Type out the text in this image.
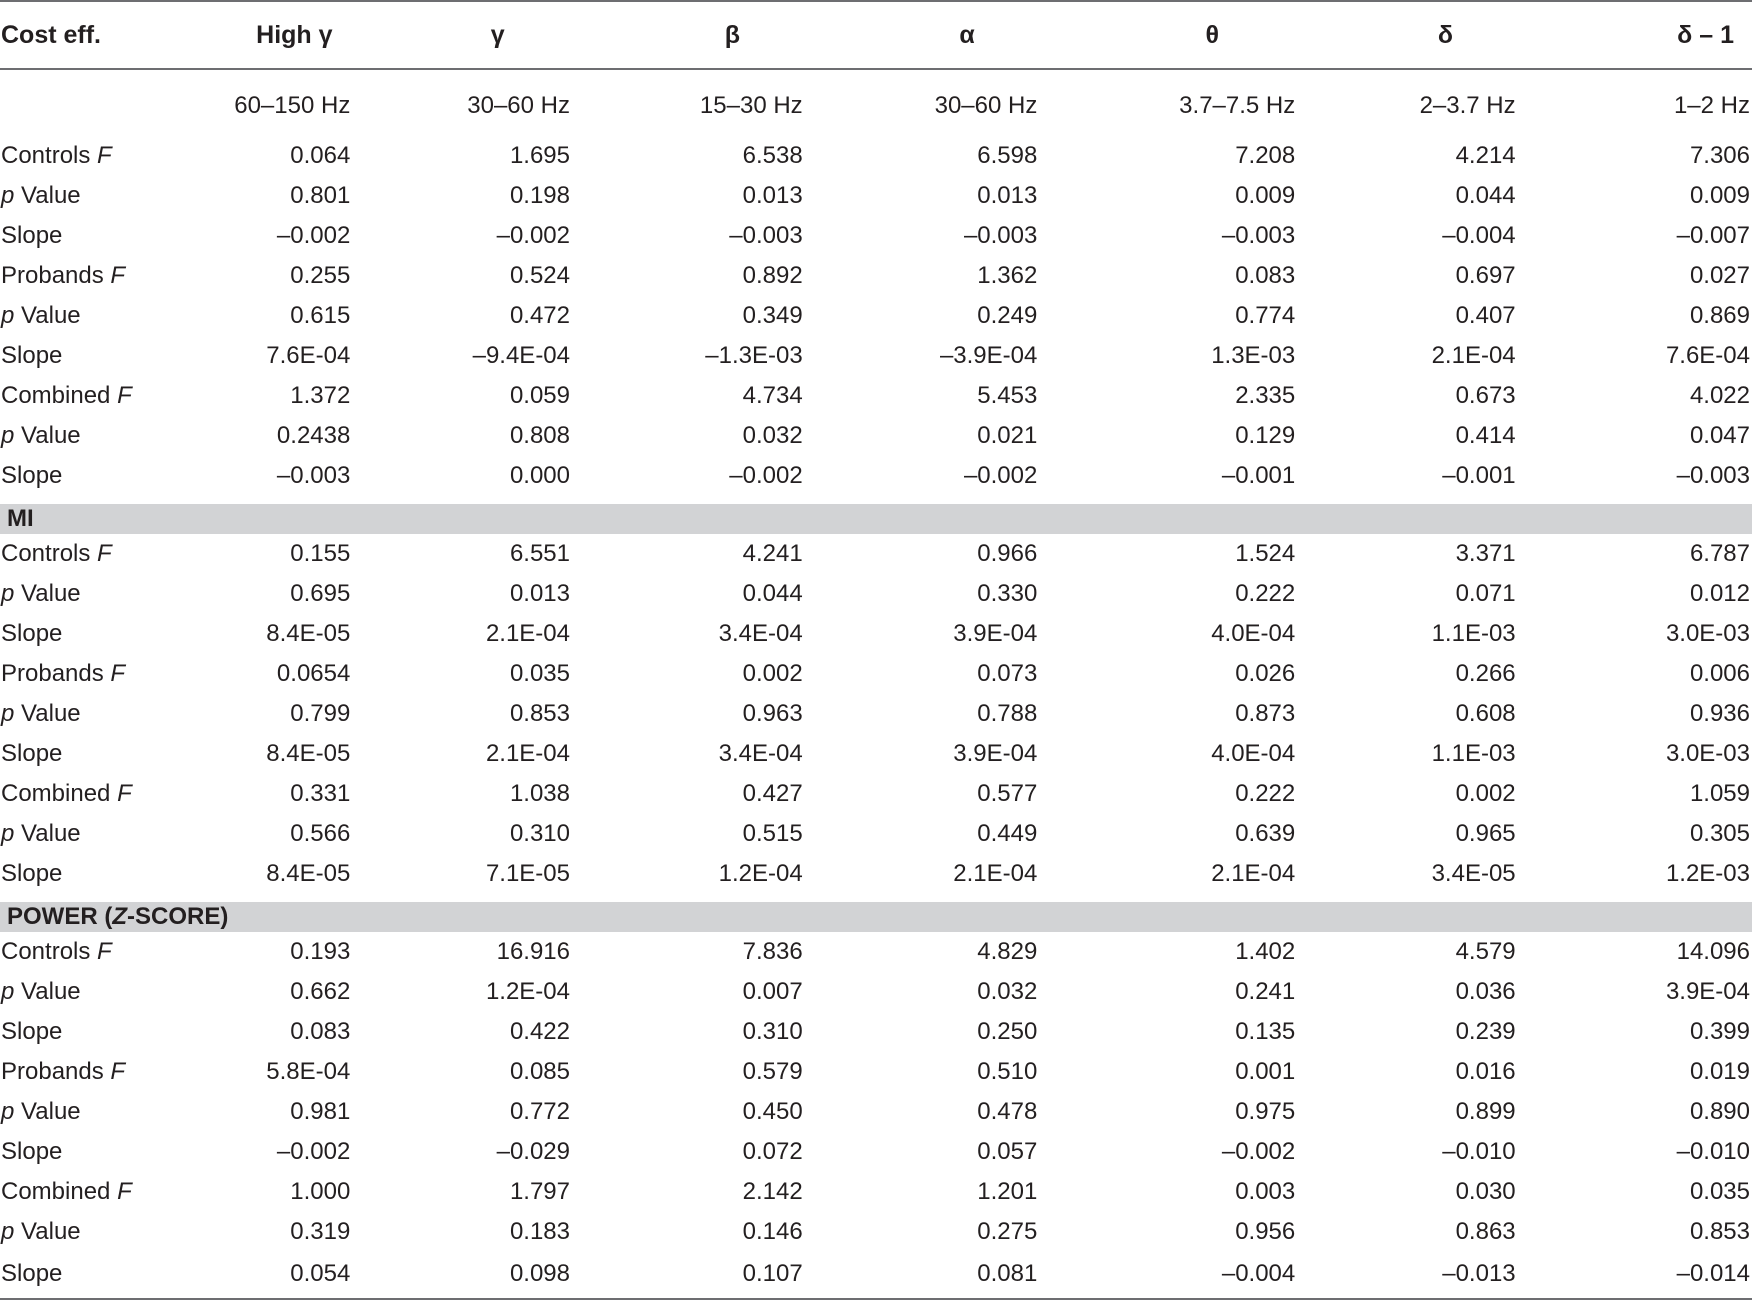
Cost eff.	High γ	γ	β	α	θ	δ	δ – 1
	60–150 Hz	30–60 Hz	15–30 Hz	30–60 Hz	3.7–7.5 Hz	2–3.7 Hz	1–2 Hz
Controls F	0.064	1.695	6.538	6.598	7.208	4.214	7.306
p Value	0.801	0.198	0.013	0.013	0.009	0.044	0.009
Slope	–0.002	–0.002	–0.003	–0.003	–0.003	–0.004	–0.007
Probands F	0.255	0.524	0.892	1.362	0.083	0.697	0.027
p Value	0.615	0.472	0.349	0.249	0.774	0.407	0.869
Slope	7.6E-04	–9.4E-04	–1.3E-03	–3.9E-04	1.3E-03	2.1E-04	7.6E-04
Combined F	1.372	0.059	4.734	5.453	2.335	0.673	4.022
p Value	0.2438	0.808	0.032	0.021	0.129	0.414	0.047
Slope	–0.003	0.000	–0.002	–0.002	–0.001	–0.001	–0.003

MI							
Controls F	0.155	6.551	4.241	0.966	1.524	3.371	6.787
p Value	0.695	0.013	0.044	0.330	0.222	0.071	0.012
Slope	8.4E-05	2.1E-04	3.4E-04	3.9E-04	4.0E-04	1.1E-03	3.0E-03
Probands F	0.0654	0.035	0.002	0.073	0.026	0.266	0.006
p Value	0.799	0.853	0.963	0.788	0.873	0.608	0.936
Slope	8.4E-05	2.1E-04	3.4E-04	3.9E-04	4.0E-04	1.1E-03	3.0E-03
Combined F	0.331	1.038	0.427	0.577	0.222	0.002	1.059
p Value	0.566	0.310	0.515	0.449	0.639	0.965	0.305
Slope	8.4E-05	7.1E-05	1.2E-04	2.1E-04	2.1E-04	3.4E-05	1.2E-03

POWER (Z-SCORE)							
Controls F	0.193	16.916	7.836	4.829	1.402	4.579	14.096
p Value	0.662	1.2E-04	0.007	0.032	0.241	0.036	3.9E-04
Slope	0.083	0.422	0.310	0.250	0.135	0.239	0.399
Probands F	5.8E-04	0.085	0.579	0.510	0.001	0.016	0.019
p Value	0.981	0.772	0.450	0.478	0.975	0.899	0.890
Slope	–0.002	–0.029	0.072	0.057	–0.002	–0.010	–0.010
Combined F	1.000	1.797	2.142	1.201	0.003	0.030	0.035
p Value	0.319	0.183	0.146	0.275	0.956	0.863	0.853
Slope	0.054	0.098	0.107	0.081	–0.004	–0.013	–0.014
